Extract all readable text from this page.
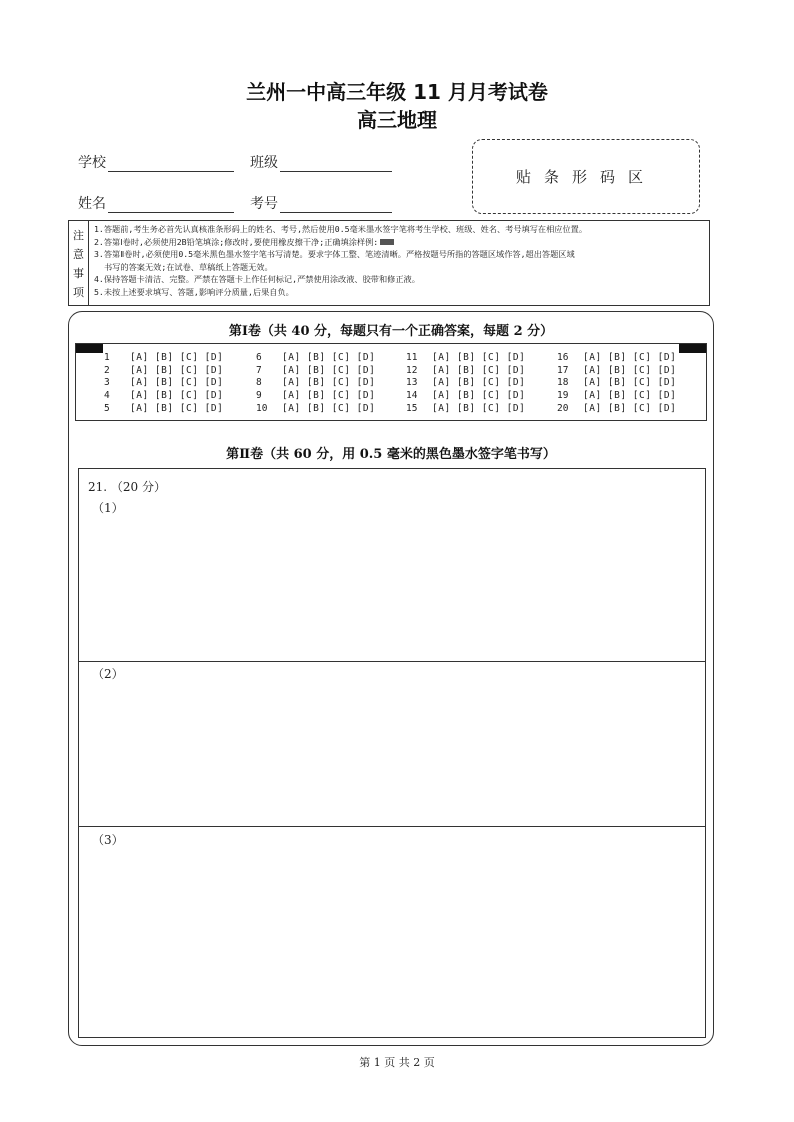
兰州一中高三年级 11 月月考试卷
高三地理
学校	班级
姓名	考号
贴条形码区
注
意
事
项
1.答题前,考生务必首先认真核准条形码上的姓名、考号,然后使用0.5毫米墨水签字笔将考生学校、班级、姓名、考号填写在相应位置。
2.答第Ⅰ卷时,必须使用2B铅笔填涂;修改时,要使用橡皮擦干净;正确填涂样例:
3.答第Ⅱ卷时,必须使用0.5毫米黑色墨水签字笔书写清楚。要求字体工整、笔迹清晰。严格按题号所指的答题区域作答,超出答题区域
书写的答案无效;在试卷、草稿纸上答题无效。
4.保持答题卡清洁、完整。严禁在答题卡上作任何标记,严禁使用涂改液、胶带和修正液。
5.未按上述要求填写、答题,影响评分质量,后果自负。
第Ⅰ卷（共 40 分，每题只有一个正确答案，每题 2 分）
1	[A] [B] [C] [D]
2	[A] [B] [C] [D]
3	[A] [B] [C] [D]
4	[A] [B] [C] [D]
5	[A] [B] [C] [D]
6	[A] [B] [C] [D]
7	[A] [B] [C] [D]
8	[A] [B] [C] [D]
9	[A] [B] [C] [D]
10	[A] [B] [C] [D]
11	[A] [B] [C] [D]
12	[A] [B] [C] [D]
13	[A] [B] [C] [D]
14	[A] [B] [C] [D]
15	[A] [B] [C] [D]
16	[A] [B] [C] [D]
17	[A] [B] [C] [D]
18	[A] [B] [C] [D]
19	[A] [B] [C] [D]
20	[A] [B] [C] [D]
第Ⅱ卷（共 60 分，用 0.5 毫米的黑色墨水签字笔书写）
21. （20 分）
（1）
（2）
（3）
第 1 页 共 2 页
